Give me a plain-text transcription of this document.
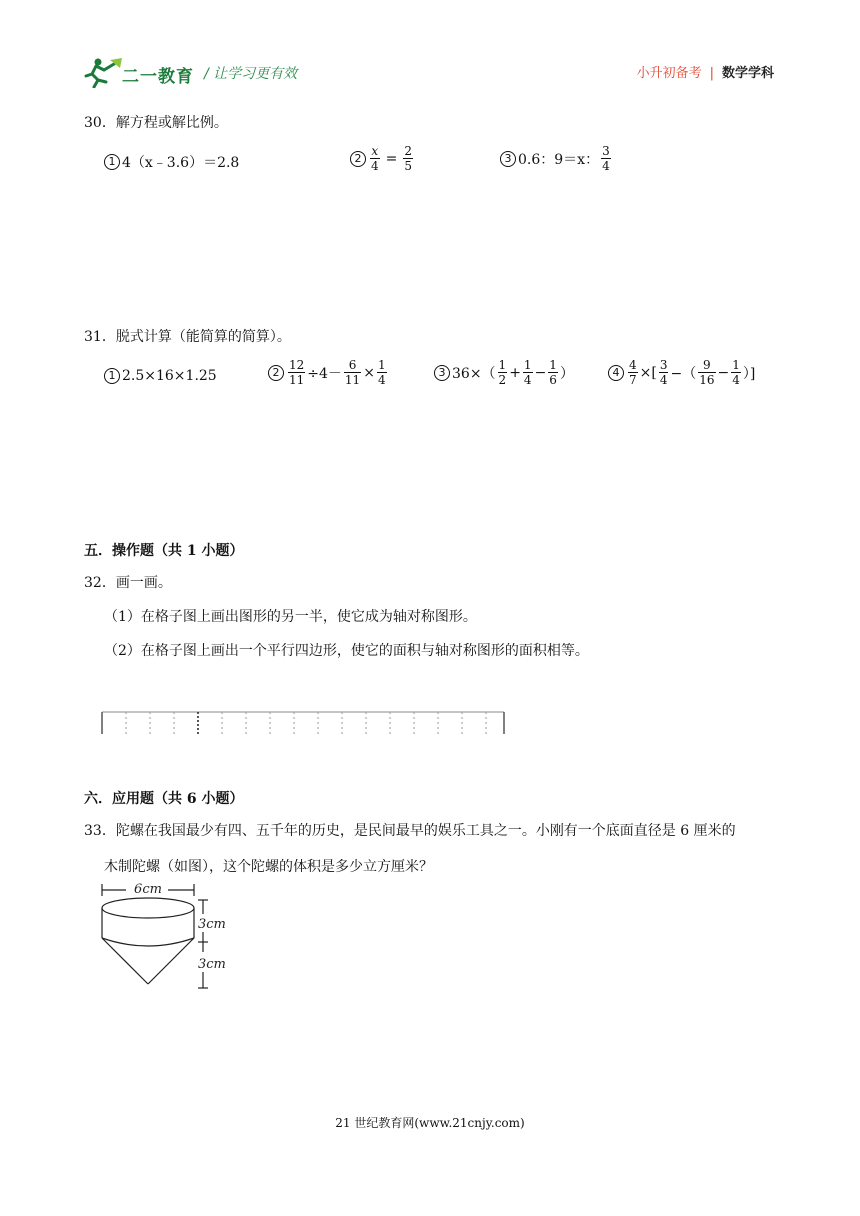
二一教育 / 让学习更有效	小升初备考 | 数学学科
30．解方程或解比例。
1 4（x﹣3.6）＝2.8	$2 \frac{x}{4} = \frac{2}{5}$	3 0.6：9＝x： $\frac{3}{4}$
31．脱式计算（能简算的简算）。
1 2.5×16×1.25	$2 \frac{12}{11} \div 4- \frac{6}{11} \times \frac{1}{4}$	3 $36\times( \frac{1}{2} + \frac{1}{4} - \frac{1}{6}$ ）	$4 \frac{4}{7}$ ×[ $\frac{3}{4}$ −（ $\frac{9}{16} - \frac{1}{4}$ ）]
五．操作题（共 1 小题）
32．画一画。
（1）在格子图上画出图形的另一半，使它成为轴对称图形。
（2）在格子图上画出一个平行四边形，使它的面积与轴对称图形的面积相等。
六．应用题（共 6 小题）
33．陀螺在我国最少有四、五千年的历史，是民间最早的娱乐工具之一。小刚有一个底面直径是 6 厘米的
木制陀螺（如图），这个陀螺的体积是多少立方厘米？
6cm
3cm
3cm
21 世纪教育网(www.21cnjy.com)
